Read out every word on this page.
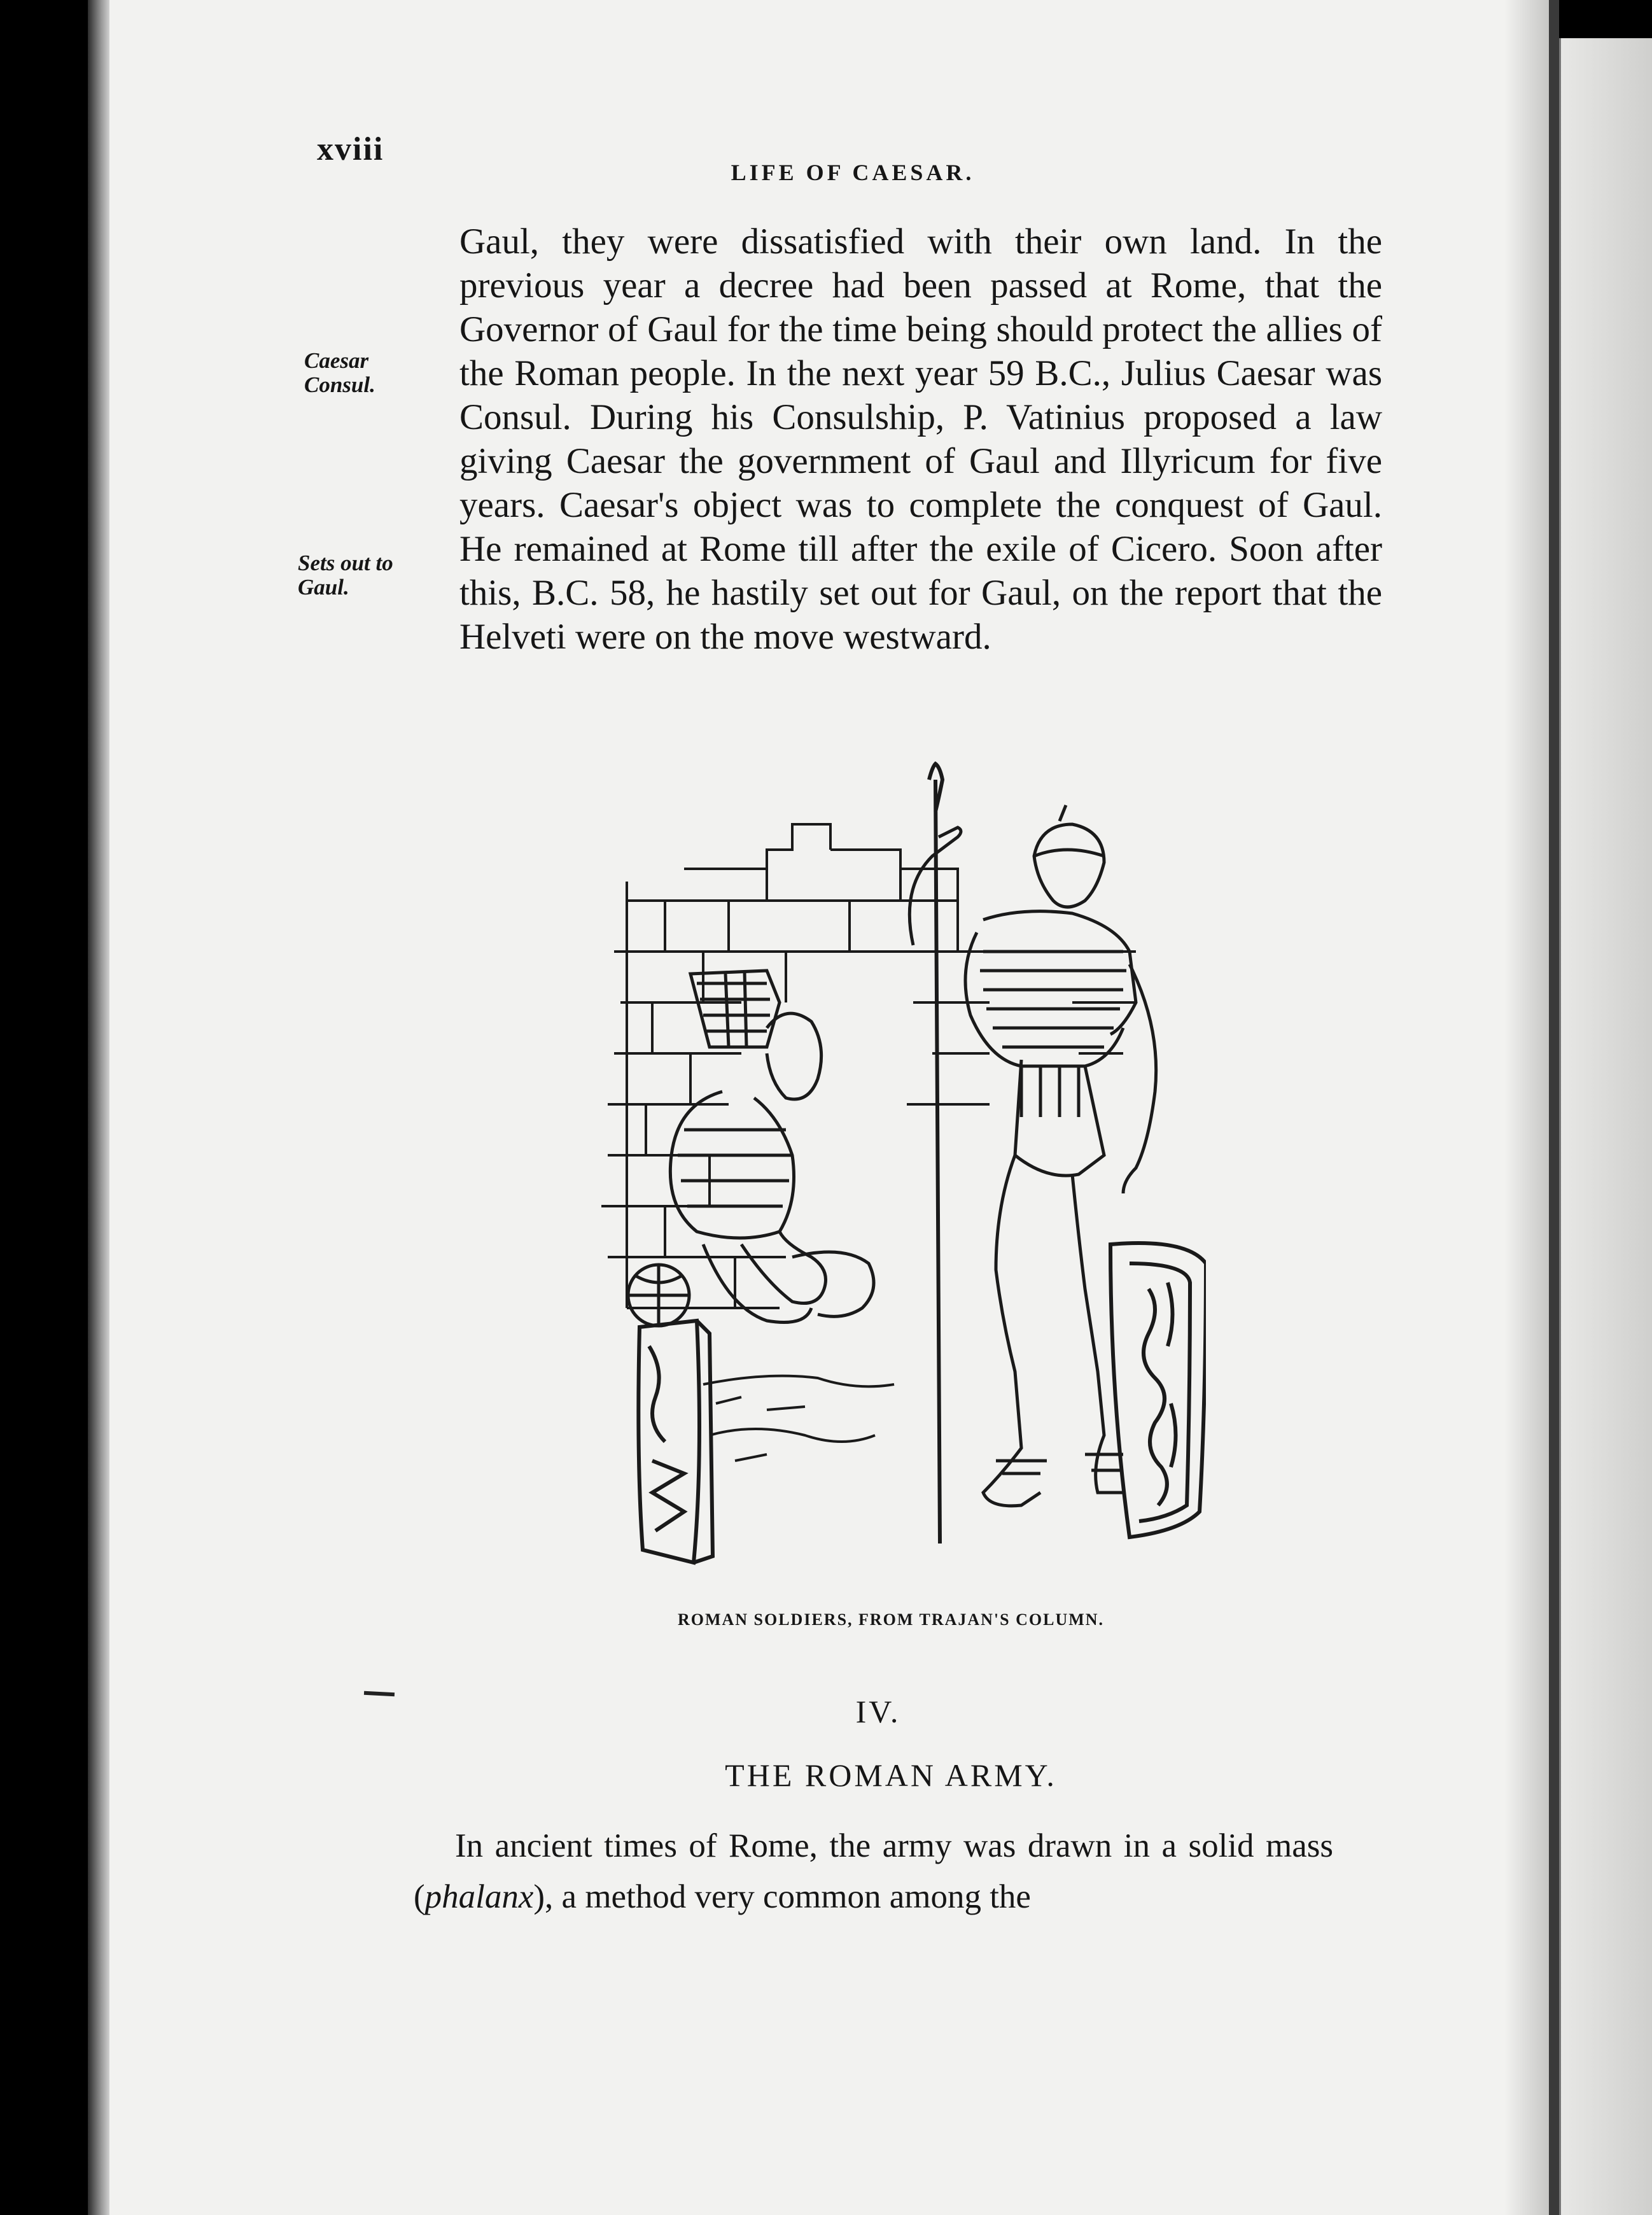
xviii
LIFE OF CAESAR.
Caesar
Consul.
Sets out to
Gaul.

Gaul, they were dissatisfied with their own land. In the previous year a decree had been passed at Rome, that the Governor of Gaul for the time being should protect the allies of the Roman people. In the next year 59 B.C., Julius Caesar was Consul. During his Consulship, P. Vatinius proposed a law giving Caesar the government of Gaul and Illyricum for five years. Caesar's object was to complete the conquest of Gaul. He remained at Rome till after the exile of Cicero. Soon after this, B.C. 58, he hastily set out for Gaul, on the report that the Helveti were on the move westward.

ROMAN SOLDIERS, FROM TRAJAN'S COLUMN.
IV.
THE ROMAN ARMY.

In ancient times of Rome, the army was drawn in a solid mass (phalanx), a method very common among the
